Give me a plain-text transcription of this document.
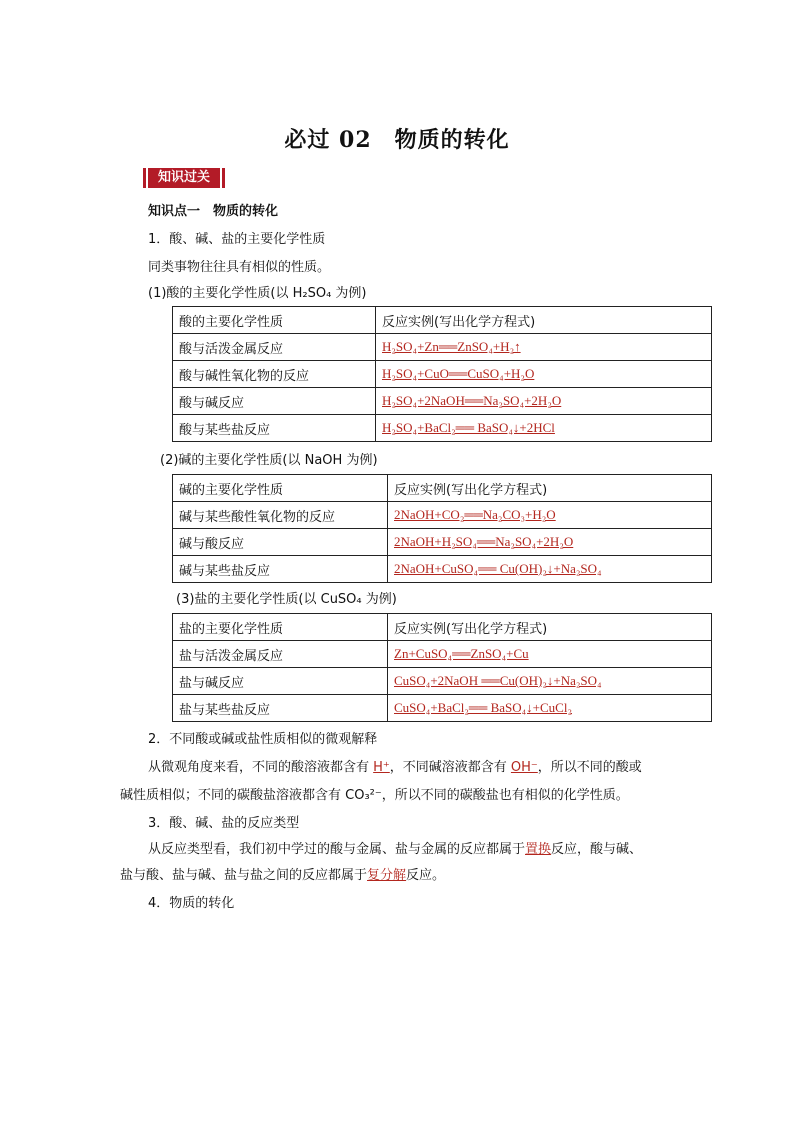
必过 02　物质的转化
知识过关
知识点一　物质的转化
1．酸、碱、盐的主要化学性质
同类事物往往具有相似的性质。
(1)酸的主要化学性质(以 H₂SO₄ 为例)
酸的主要化学性质	反应实例(写出化学方程式)
酸与活泼金属反应	H₂SO₄+Zn══ZnSO₄+H₂↑
酸与碱性氧化物的反应	H₂SO₄+CuO══CuSO₄+H₂O
酸与碱反应	H₂SO₄+2NaOH══Na₂SO₄+2H₂O
酸与某些盐反应	H₂SO₄+BaCl₂══ BaSO₄↓+2HCl
(2)碱的主要化学性质(以 NaOH 为例)
碱的主要化学性质	反应实例(写出化学方程式)
碱与某些酸性氧化物的反应	2NaOH+CO₂══Na₂CO₃+H₂O
碱与酸反应	2NaOH+H₂SO₄══Na₂SO₄+2H₂O
碱与某些盐反应	2NaOH+CuSO₄══ Cu(OH)₂↓+Na₂SO₄
(3)盐的主要化学性质(以 CuSO₄ 为例)
盐的主要化学性质	反应实例(写出化学方程式)
盐与活泼金属反应	Zn+CuSO₄══ZnSO₄+Cu
盐与碱反应	CuSO₄+2NaOH ══Cu(OH)₂↓+Na₂SO₄
盐与某些盐反应	CuSO₄+BaCl₂══ BaSO₄↓+CuCl₂
2．不同酸或碱或盐性质相似的微观解释
从微观角度来看，不同的酸溶液都含有 H⁺，不同碱溶液都含有 OH⁻，所以不同的酸或
碱性质相似；不同的碳酸盐溶液都含有 CO₃²⁻，所以不同的碳酸盐也有相似的化学性质。
3．酸、碱、盐的反应类型
从反应类型看，我们初中学过的酸与金属、盐与金属的反应都属于置换反应，酸与碱、
盐与酸、盐与碱、盐与盐之间的反应都属于复分解反应。
4．物质的转化
